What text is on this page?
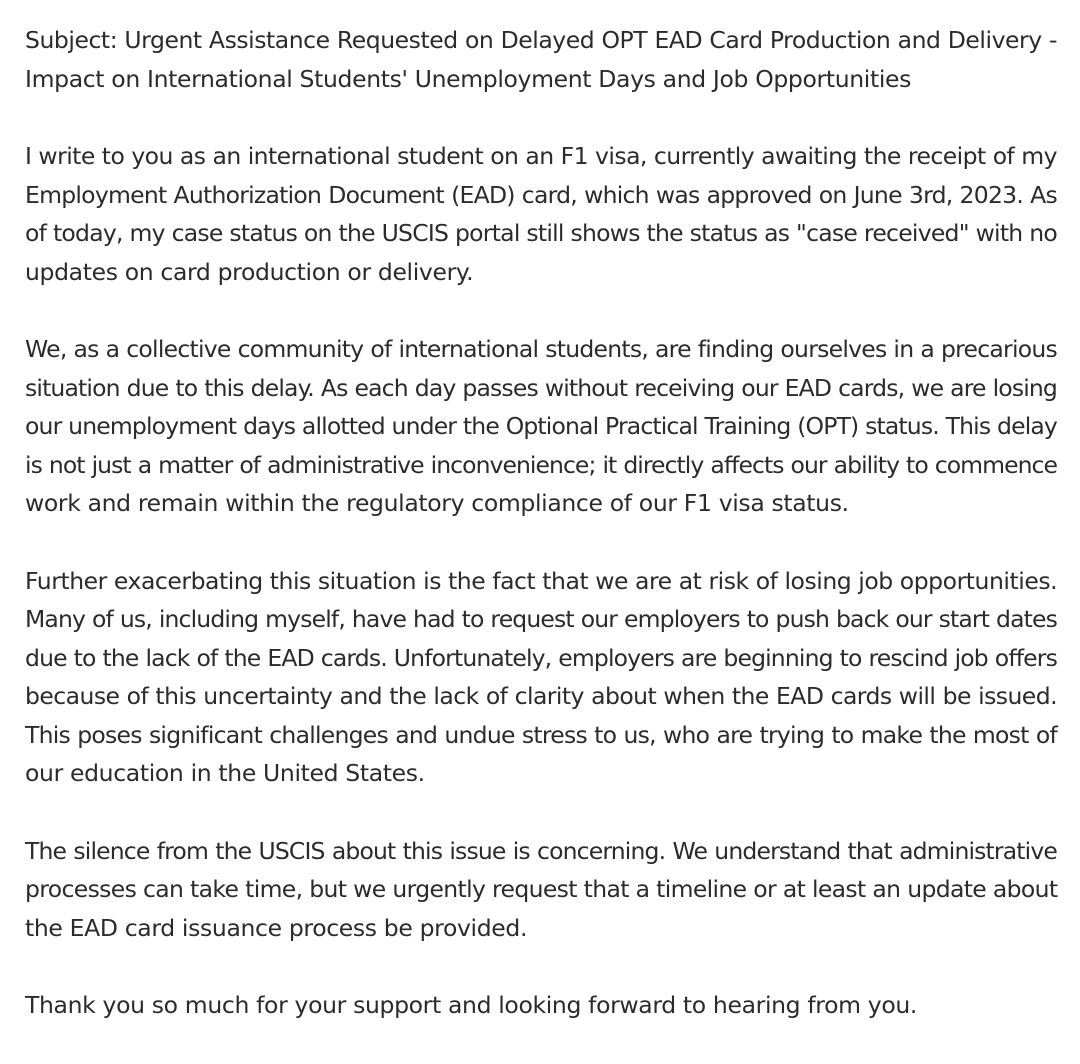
Subject: Urgent Assistance Requested on Delayed OPT EAD Card Production and Delivery -
Impact on International Students' Unemployment Days and Job Opportunities
I write to you as an international student on an F1 visa, currently awaiting the receipt of my
Employment Authorization Document (EAD) card, which was approved on June 3rd, 2023. As
of today, my case status on the USCIS portal still shows the status as "case received" with no
updates on card production or delivery.
We, as a collective community of international students, are finding ourselves in a precarious
situation due to this delay. As each day passes without receiving our EAD cards, we are losing
our unemployment days allotted under the Optional Practical Training (OPT) status. This delay
is not just a matter of administrative inconvenience; it directly affects our ability to commence
work and remain within the regulatory compliance of our F1 visa status.
Further exacerbating this situation is the fact that we are at risk of losing job opportunities.
Many of us, including myself, have had to request our employers to push back our start dates
due to the lack of the EAD cards. Unfortunately, employers are beginning to rescind job offers
because of this uncertainty and the lack of clarity about when the EAD cards will be issued.
This poses significant challenges and undue stress to us, who are trying to make the most of
our education in the United States.
The silence from the USCIS about this issue is concerning. We understand that administrative
processes can take time, but we urgently request that a timeline or at least an update about
the EAD card issuance process be provided.
Thank you so much for your support and looking forward to hearing from you.
